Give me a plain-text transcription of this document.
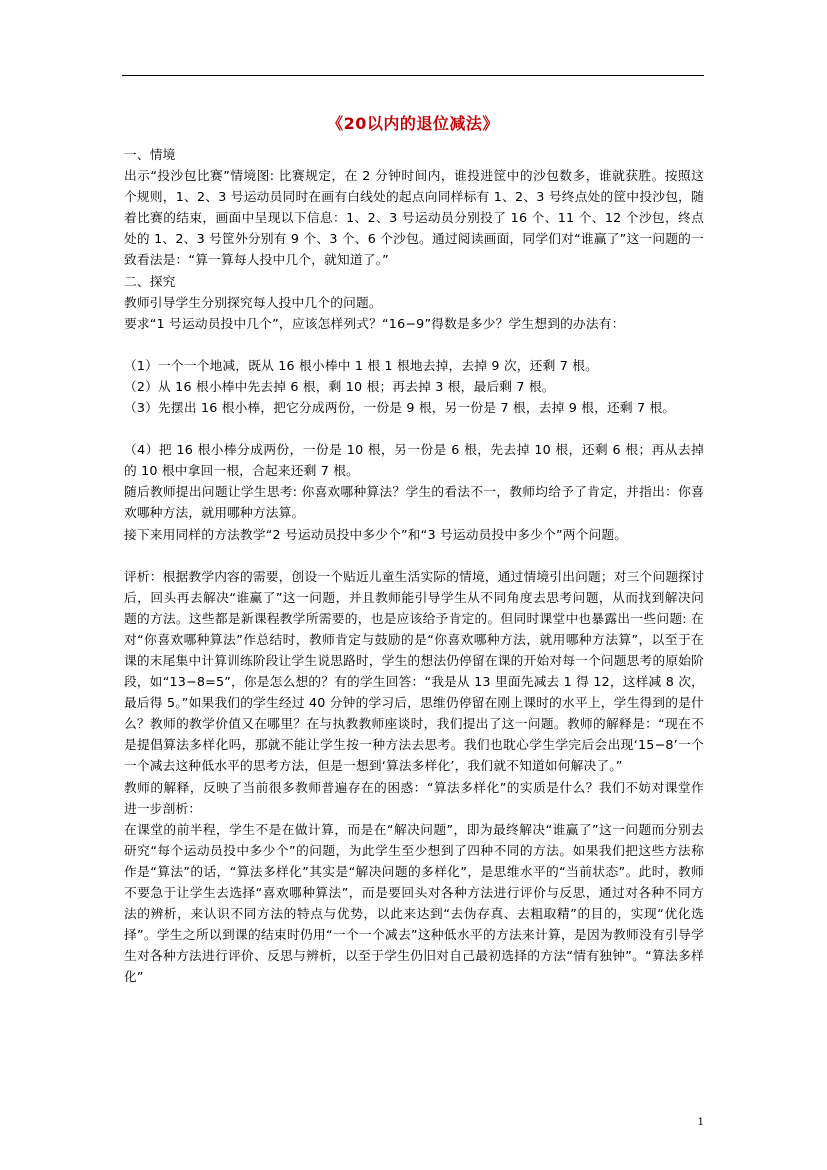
《20以内的退位减法》

一、情境

出示“投沙包比赛”情境图: 比赛规定，在 2 分钟时间内，谁投进筐中的沙包数多，谁就获胜。按照这个规则，1、2、3 号运动员同时在画有白线处的起点向同样标有 1、2、3 号终点处的筐中投沙包，随着比赛的结束，画面中呈现以下信息：1、2、3 号运动员分别投了 16 个、11 个、12 个沙包，终点处的 1、2、3 号筐外分别有 9 个、3 个、6 个沙包。通过阅读画面，同学们对“谁赢了”这一问题的一致看法是：“算一算每人投中几个，就知道了。”

二、探究

教师引导学生分别探究每人投中几个的问题。

要求“1 号运动员投中几个”，应该怎样列式？“16−9”得数是多少？学生想到的办法有：

（1）一个一个地减，既从 16 根小棒中 1 根 1 根地去掉，去掉 9 次，还剩 7 根。

（2）从 16 根小棒中先去掉 6 根，剩 10 根；再去掉 3 根，最后剩 7 根。

（3）先摆出 16 根小棒，把它分成两份，一份是 9 根，另一份是 7 根，去掉 9 根，还剩 7 根。

（4）把 16 根小棒分成两份，一份是 10 根，另一份是 6 根，先去掉 10 根，还剩 6 根；再从去掉的 10 根中拿回一根，合起来还剩 7 根。

随后教师提出问题让学生思考: 你喜欢哪种算法？学生的看法不一，教师均给予了肯定，并指出：你喜欢哪种方法，就用哪种方法算。

接下来用同样的方法教学“2 号运动员投中多少个”和“3 号运动员投中多少个”两个问题。

评析：根据教学内容的需要，创设一个贴近儿童生活实际的情境，通过情境引出问题；对三个问题探讨后，回头再去解决“谁赢了”这一问题，并且教师能引导学生从不同角度去思考问题，从而找到解决问题的方法。这些都是新课程教学所需要的，也是应该给予肯定的。但同时课堂中也暴露出一些问题: 在对“你喜欢哪种算法”作总结时，教师肯定与鼓励的是“你喜欢哪种方法，就用哪种方法算”，以至于在课的末尾集中计算训练阶段让学生说思路时，学生的想法仍停留在课的开始对每一个问题思考的原始阶段，如“13−8=5”，你是怎么想的？有的学生回答：“我是从 13 里面先减去 1 得 12，这样减 8 次，最后得 5。”如果我们的学生经过 40 分钟的学习后，思维仍停留在刚上课时的水平上，学生得到的是什么？教师的教学价值又在哪里？在与执教教师座谈时，我们提出了这一问题。教师的解释是：“现在不是提倡算法多样化吗，那就不能让学生按一种方法去思考。我们也耽心学生学完后会出现‘15−8’一个一个减去这种低水平的思考方法，但是一想到‘算法多样化’，我们就不知道如何解决了。”

教师的解释，反映了当前很多教师普遍存在的困惑：“算法多样化”的实质是什么？我们不妨对课堂作进一步剖析：

在课堂的前半程，学生不是在做计算，而是在“解决问题”，即为最终解决“谁赢了”这一问题而分别去研究“每个运动员投中多少个”的问题，为此学生至少想到了四种不同的方法。如果我们把这些方法称作是“算法”的话，“算法多样化”其实是“解决问题的多样化”，是思维水平的“当前状态”。此时，教师不要急于让学生去选择“喜欢哪种算法”，而是要回头对各种方法进行评价与反思，通过对各种不同方法的辨析，来认识不同方法的特点与优势，以此来达到“去伪存真、去粗取精”的目的，实现“优化选择”。学生之所以到课的结束时仍用“一个一个减去”这种低水平的方法来计算，是因为教师没有引导学生对各种方法进行评价、反思与辨析，以至于学生仍旧对自己最初选择的方法“情有独钟”。“算法多样化”

1
